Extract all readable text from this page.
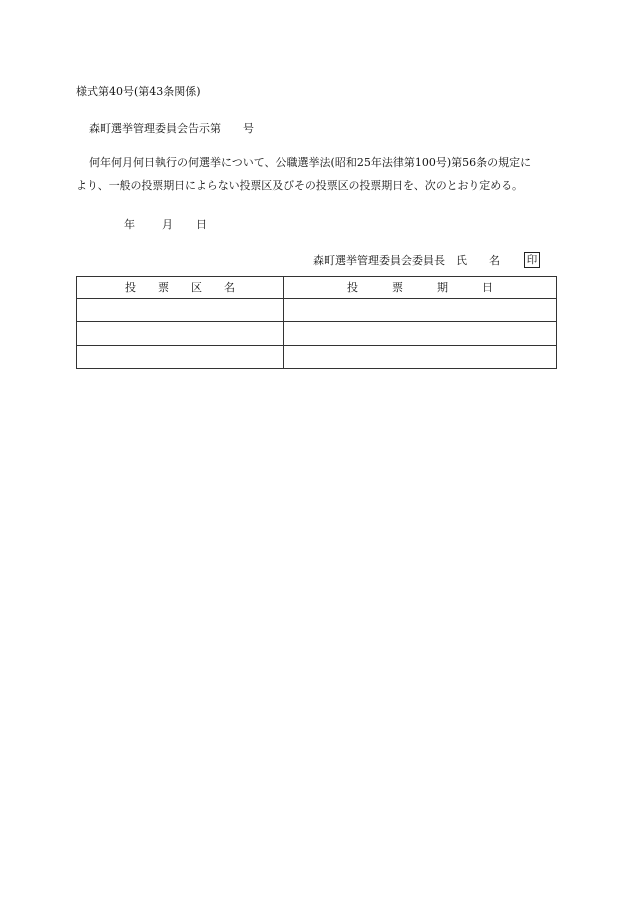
様式第40号(第43条関係)
森町選挙管理委員会告示第　　号
何年何月何日執行の何選挙について、公職選挙法(昭和25年法律第100号)第56条の規定に
より、一般の投票期日によらない投票区及びその投票区の投票期日を、次のとおり定める。
年 月 日
森町選挙管理委員会委員長　氏　　名	印
投票区名	投票期日
